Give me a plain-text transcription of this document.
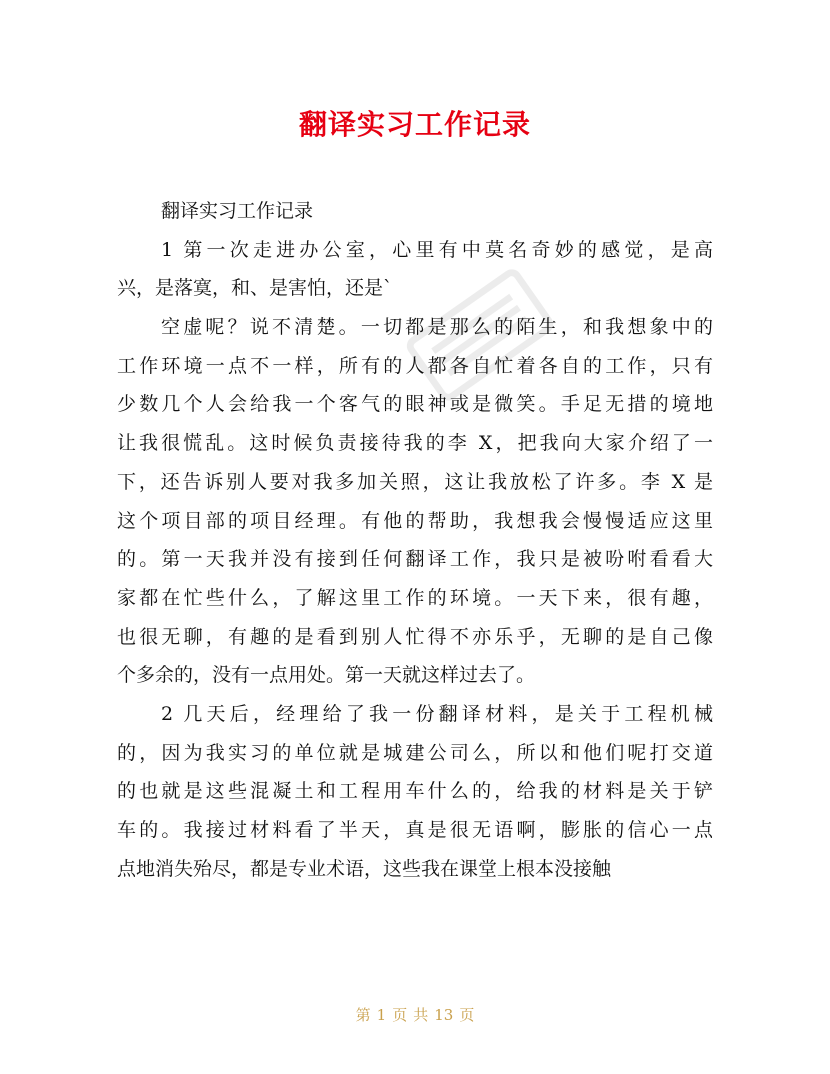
翻译实习工作记录
翻译实习工作记录
1 第一次走进办公室，心里有中莫名奇妙的感觉，是高
兴，是落寞，和、是害怕，还是`
空虚呢？说不清楚。一切都是那么的陌生，和我想象中的
工作环境一点不一样，所有的人都各自忙着各自的工作，只有
少数几个人会给我一个客气的眼神或是微笑。手足无措的境地
让我很慌乱。这时候负责接待我的李 X，把我向大家介绍了一
下，还告诉别人要对我多加关照，这让我放松了许多。李 X 是
这个项目部的项目经理。有他的帮助，我想我会慢慢适应这里
的。第一天我并没有接到任何翻译工作，我只是被吩咐看看大
家都在忙些什么，了解这里工作的环境。一天下来，很有趣，
也很无聊，有趣的是看到别人忙得不亦乐乎，无聊的是自己像
个多余的，没有一点用处。第一天就这样过去了。
2 几天后，经理给了我一份翻译材料，是关于工程机械
的，因为我实习的单位就是城建公司么，所以和他们呢打交道
的也就是这些混凝土和工程用车什么的，给我的材料是关于铲
车的。我接过材料看了半天，真是很无语啊，膨胀的信心一点
点地消失殆尽，都是专业术语，这些我在课堂上根本没接触
第 1 页 共 13 页
